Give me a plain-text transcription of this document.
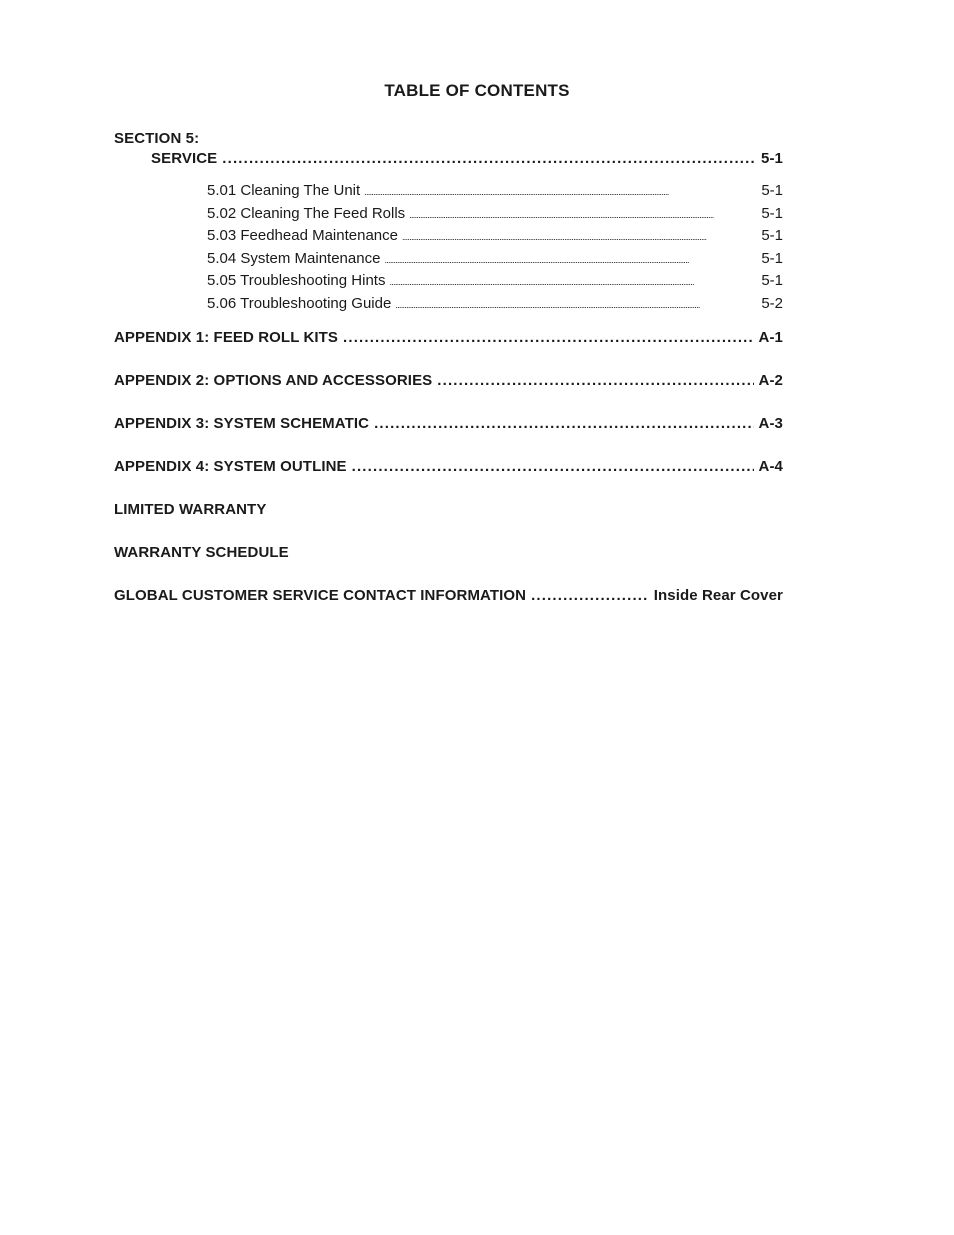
TABLE OF CONTENTS
SECTION 5:
SERVICE . . .	5-1
5.01 Cleaning The Unit . . .	5-1
5.02 Cleaning The Feed Rolls . . .	5-1
5.03 Feedhead Maintenance . . .	5-1
5.04 System Maintenance . . .	5-1
5.05 Troubleshooting Hints . . .	5-1
5.06 Troubleshooting Guide . . .	5-2
APPENDIX 1: FEED ROLL KITS . . .	A-1
APPENDIX 2: OPTIONS AND ACCESSORIES . . .	A-2
APPENDIX 3: SYSTEM SCHEMATIC . . .	A-3
APPENDIX 4: SYSTEM OUTLINE . . .	A-4
LIMITED WARRANTY
WARRANTY SCHEDULE
GLOBAL CUSTOMER SERVICE CONTACT INFORMATION . . .	Inside Rear Cover
